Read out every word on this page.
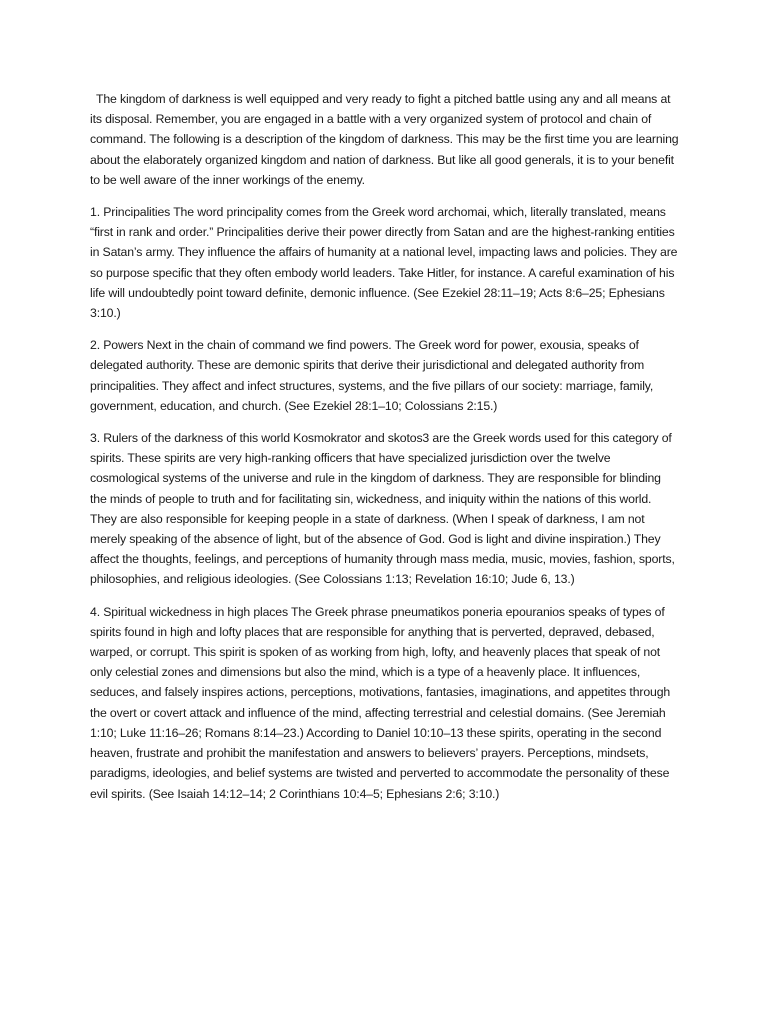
The kingdom of darkness is well equipped and very ready to fight a pitched battle using any and all means at its disposal. Remember, you are engaged in a battle with a very organized system of protocol and chain of command. The following is a description of the kingdom of darkness. This may be the first time you are learning about the elaborately organized kingdom and nation of darkness. But like all good generals, it is to your benefit to be well aware of the inner workings of the enemy.

1. Principalities The word principality comes from the Greek word archomai, which, literally translated, means “first in rank and order.” Principalities derive their power directly from Satan and are the highest-ranking entities in Satan’s army. They influence the affairs of humanity at a national level, impacting laws and policies. They are so purpose specific that they often embody world leaders. Take Hitler, for instance. A careful examination of his life will undoubtedly point toward definite, demonic influence. (See Ezekiel 28:11–19; Acts 8:6–25; Ephesians 3:10.)

2. Powers Next in the chain of command we find powers. The Greek word for power, exousia, speaks of delegated authority. These are demonic spirits that derive their jurisdictional and delegated authority from principalities. They affect and infect structures, systems, and the five pillars of our society: marriage, family, government, education, and church. (See Ezekiel 28:1–10; Colossians 2:15.)

3. Rulers of the darkness of this world Kosmokrator and skotos3 are the Greek words used for this category of spirits. These spirits are very high-ranking officers that have specialized jurisdiction over the twelve cosmological systems of the universe and rule in the kingdom of darkness. They are responsible for blinding the minds of people to truth and for facilitating sin, wickedness, and iniquity within the nations of this world. They are also responsible for keeping people in a state of darkness. (When I speak of darkness, I am not merely speaking of the absence of light, but of the absence of God. God is light and divine inspiration.) They affect the thoughts, feelings, and perceptions of humanity through mass media, music, movies, fashion, sports, philosophies, and religious ideologies. (See Colossians 1:13; Revelation 16:10; Jude 6, 13.)

4. Spiritual wickedness in high places The Greek phrase pneumatikos poneria epouranios speaks of types of spirits found in high and lofty places that are responsible for anything that is perverted, depraved, debased, warped, or corrupt. This spirit is spoken of as working from high, lofty, and heavenly places that speak of not only celestial zones and dimensions but also the mind, which is a type of a heavenly place. It influences, seduces, and falsely inspires actions, perceptions, motivations, fantasies, imaginations, and appetites through the overt or covert attack and influence of the mind, affecting terrestrial and celestial domains. (See Jeremiah 1:10; Luke 11:16–26; Romans 8:14–23.) According to Daniel 10:10–13 these spirits, operating in the second heaven, frustrate and prohibit the manifestation and answers to believers’ prayers. Perceptions, mindsets, paradigms, ideologies, and belief systems are twisted and perverted to accommodate the personality of these evil spirits. (See Isaiah 14:12–14; 2 Corinthians 10:4–5; Ephesians 2:6; 3:10.)
